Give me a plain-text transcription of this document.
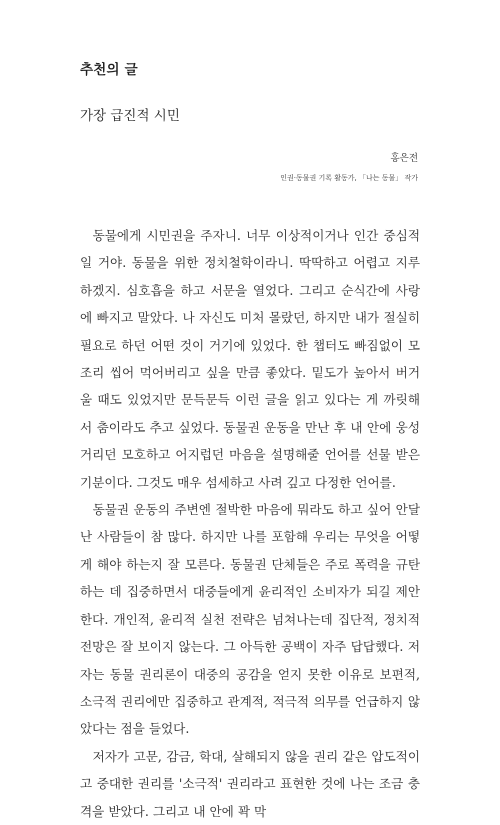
추천의 글
가장 급진적 시민
홍은전
인권·동물권 기록 활동가, 「나는 동물」 작가

동물에게 시민권을 주자니. 너무 이상적이거나 인간 중심적일 거야. 동물을 위한 정치철학이라니. 딱딱하고 어렵고 지루하겠지. 심호흡을 하고 서문을 열었다. 그리고 순식간에 사랑에 빠지고 말았다. 나 자신도 미처 몰랐던, 하지만 내가 절실히 필요로 하던 어떤 것이 거기에 있었다. 한 챕터도 빠짐없이 모조리 씹어 먹어버리고 싶을 만큼 좋았다. 밑도가 높아서 버거울 때도 있었지만 문득문득 이런 글을 읽고 있다는 게 까릿해서 춤이라도 추고 싶었다. 동물권 운동을 만난 후 내 안에 웅성거리던 모호하고 어지럽던 마음을 설명해줄 언어를 선물 받은 기분이다. 그것도 매우 섬세하고 사려 깊고 다정한 언어를.

동물권 운동의 주변엔 절박한 마음에 뭐라도 하고 싶어 안달 난 사람들이 참 많다. 하지만 나를 포함해 우리는 무엇을 어떻게 해야 하는지 잘 모른다. 동물권 단체들은 주로 폭력을 규탄하는 데 집중하면서 대중들에게 윤리적인 소비자가 되길 제안한다. 개인적, 윤리적 실천 전략은 넘쳐나는데 집단적, 정치적 전망은 잘 보이지 않는다. 그 아득한 공백이 자주 답답했다. 저자는 동물 권리론이 대중의 공감을 얻지 못한 이유로 보편적, 소극적 권리에만 집중하고 관계적, 적극적 의무를 언급하지 않았다는 점을 들었다.

저자가 고문, 감금, 학대, 살해되지 않을 권리 같은 압도적이고 중대한 권리를 '소극적' 권리라고 표현한 것에 나는 조금 충격을 받았다. 그리고 내 안에 꽉 막
